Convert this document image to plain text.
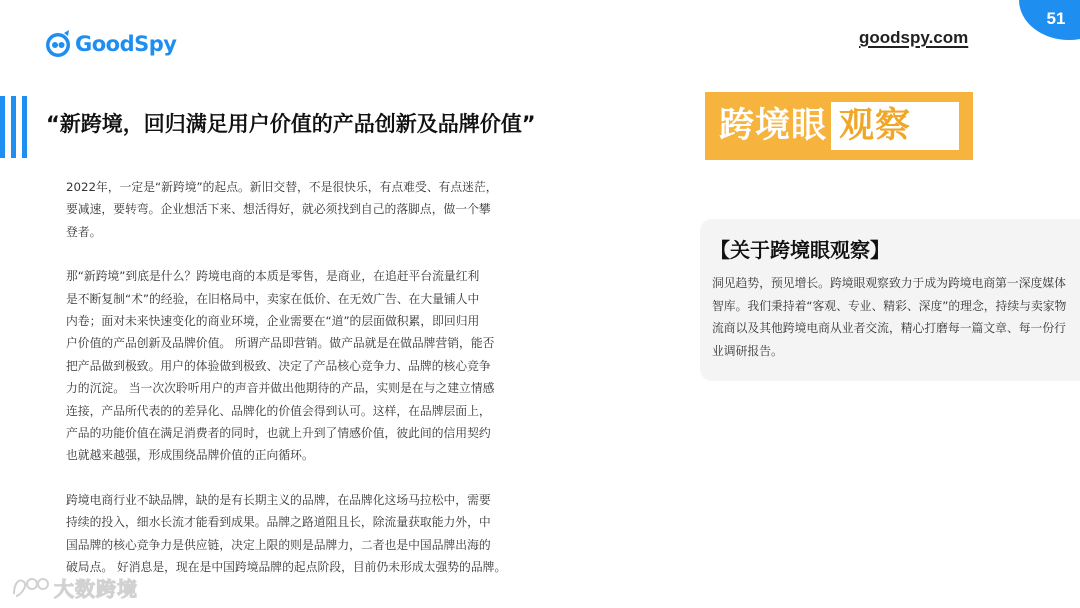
GoodSpy	goodspy.com
51
“新跨境，回归满足用户价值的产品创新及品牌价值”

2022年，一定是“新跨境”的起点。新旧交替，不是很快乐，有点难受、有点迷茫，
要减速，要转弯。企业想活下来、想活得好，就必须找到自己的落脚点，做一个攀
登者。

那“新跨境”到底是什么？跨境电商的本质是零售，是商业，在追赶平台流量红利
是不断复制“术”的经验，在旧格局中，卖家在低价、在无效广告、在大量铺人中
内卷；面对未来快速变化的商业环境，企业需要在“道”的层面做积累，即回归用
户价值的产品创新及品牌价值。 所谓产品即营销。做产品就是在做品牌营销，能否
把产品做到极致。用户的体验做到极致、决定了产品核心竞争力、品牌的核心竞争
力的沉淀。 当一次次聆听用户的声音并做出他期待的产品，实则是在与之建立情感
连接，产品所代表的的差异化、品牌化的价值会得到认可。这样，在品牌层面上，
产品的功能价值在满足消费者的同时，也就上升到了情感价值，彼此间的信用契约
也就越来越强，形成围绕品牌价值的正向循环。

跨境电商行业不缺品牌，缺的是有长期主义的品牌，在品牌化这场马拉松中，需要
持续的投入，细水长流才能看到成果。品牌之路道阻且长，除流量获取能力外，中
国品牌的核心竞争力是供应链，决定上限的则是品牌力，二者也是中国品牌出海的
破局点。 好消息是，现在是中国跨境品牌的起点阶段，目前仍未形成太强势的品牌。

跨境眼 观察
【关于跨境眼观察】
洞见趋势，预见增长。跨境眼观察致力于成为跨境电商第一深度媒体智库。我们秉持着“客观、专业、精彩、深度”的理念，持续与卖家物流商以及其他跨境电商从业者交流，精心打磨每一篇文章、每一份行业调研报告。
大数跨境
